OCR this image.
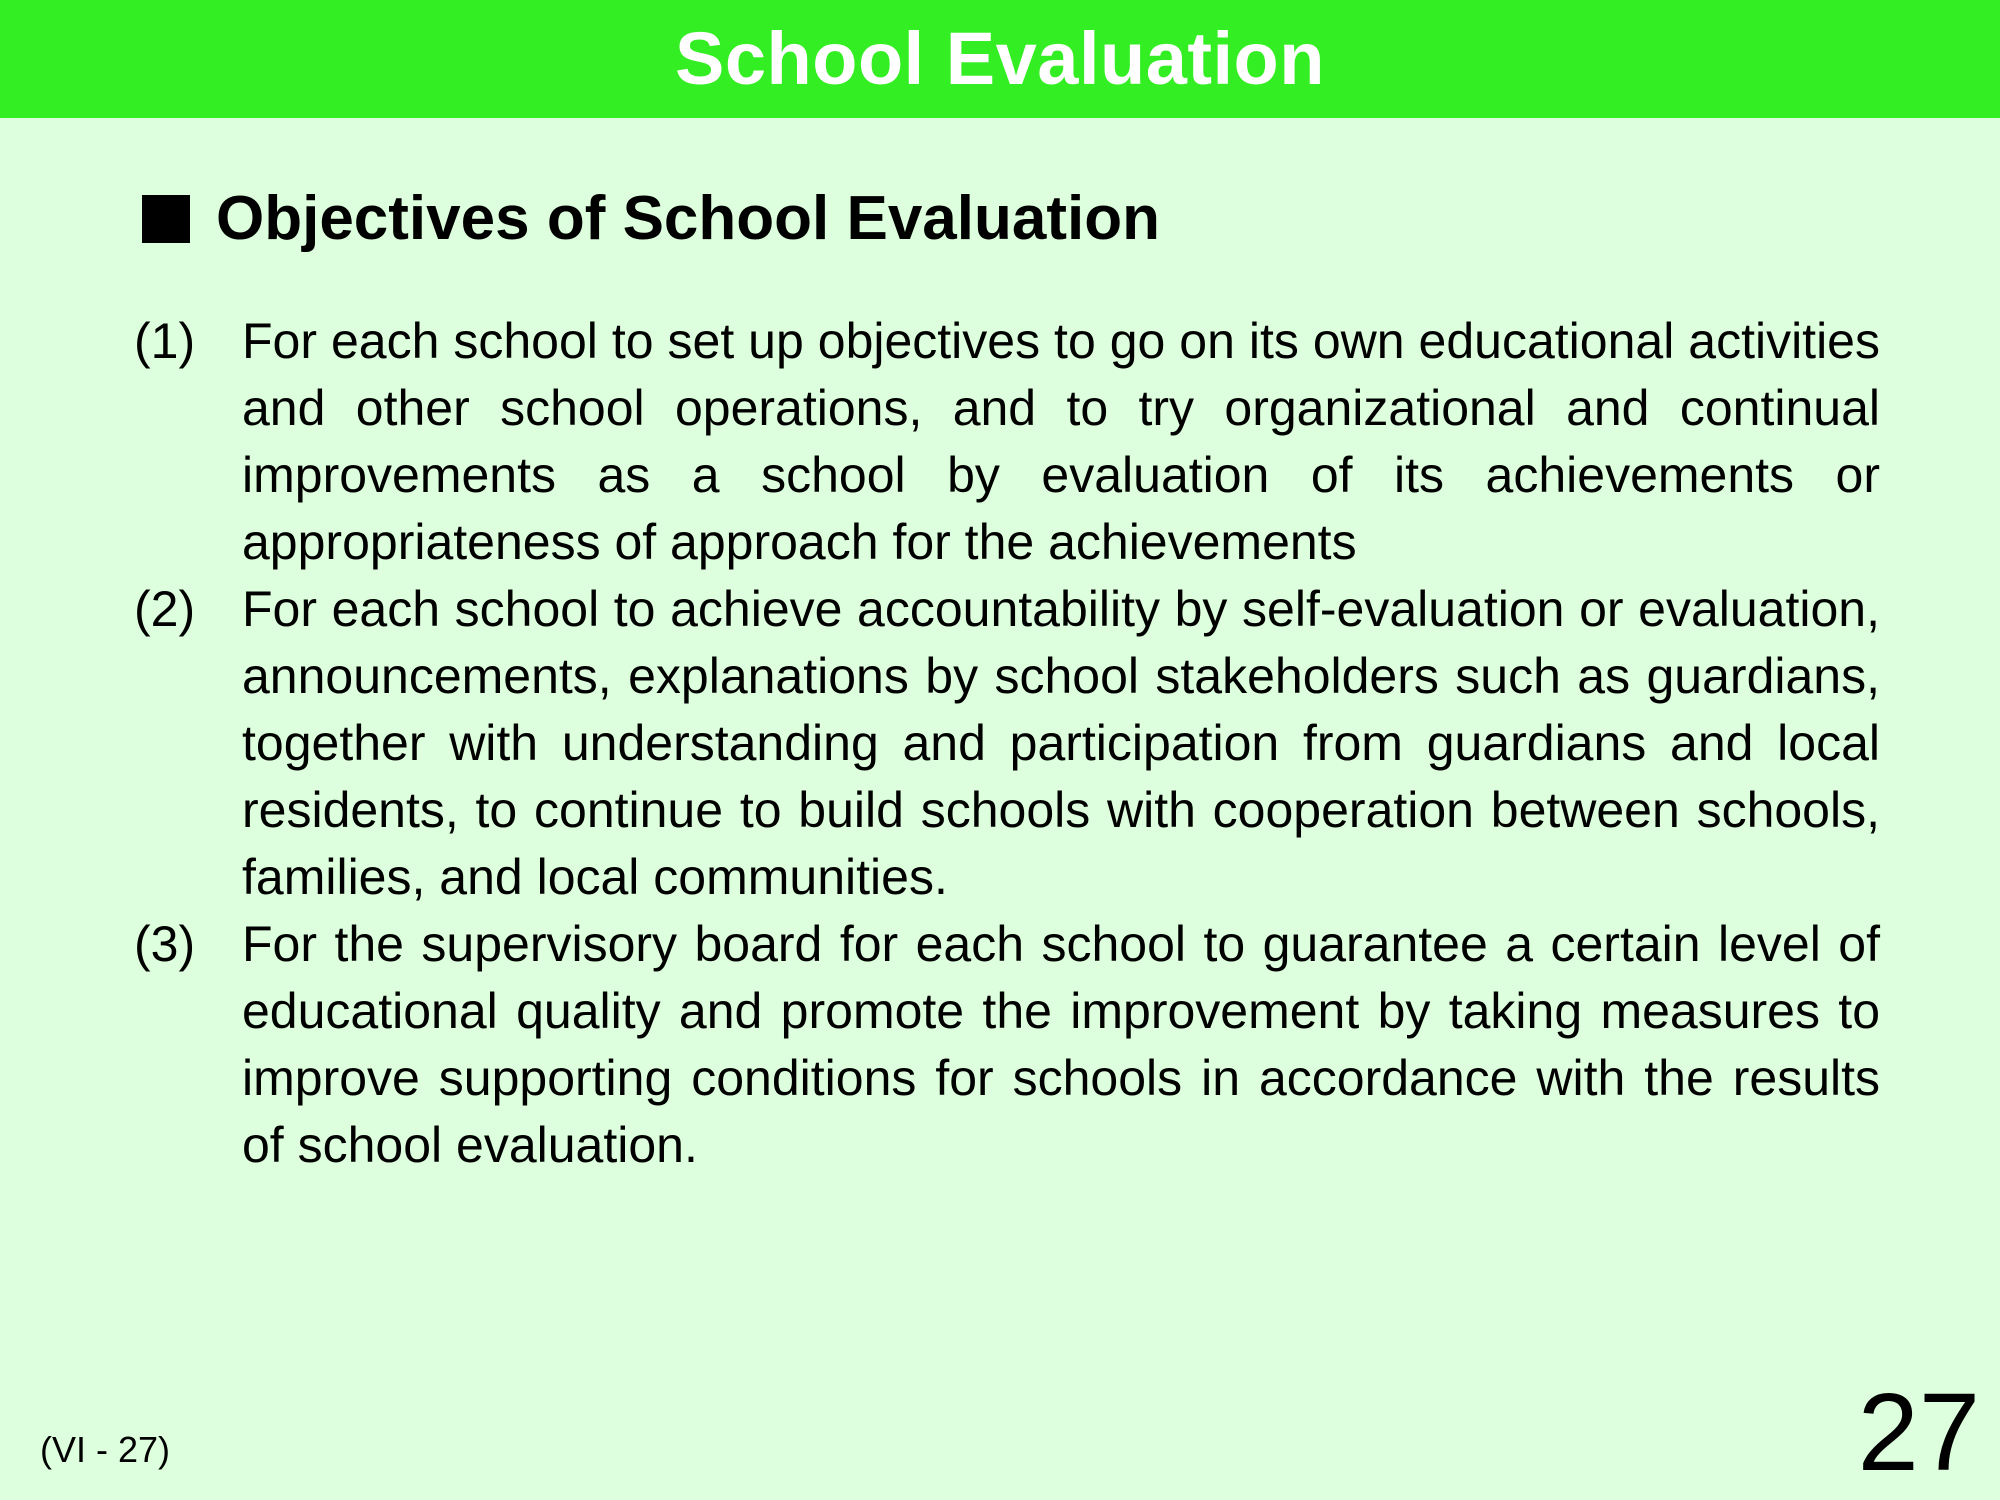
School Evaluation
Objectives of School Evaluation
(1) For each school to set up objectives to go on its own educational activities and other school operations, and to try organizational and continual improvements as a school by evaluation of its achievements or appropriateness of approach for the achievements
(2) For each school to achieve accountability by self-evaluation or evaluation, announcements, explanations by school stakeholders such as guardians, together with understanding and participation from guardians and local residents, to continue to build schools with cooperation between schools, families, and local communities.
(3) For the supervisory board for each school to guarantee a certain level of educational quality and promote the improvement by taking measures to improve supporting conditions for schools in accordance with the results of school evaluation.
(VI - 27)	27
